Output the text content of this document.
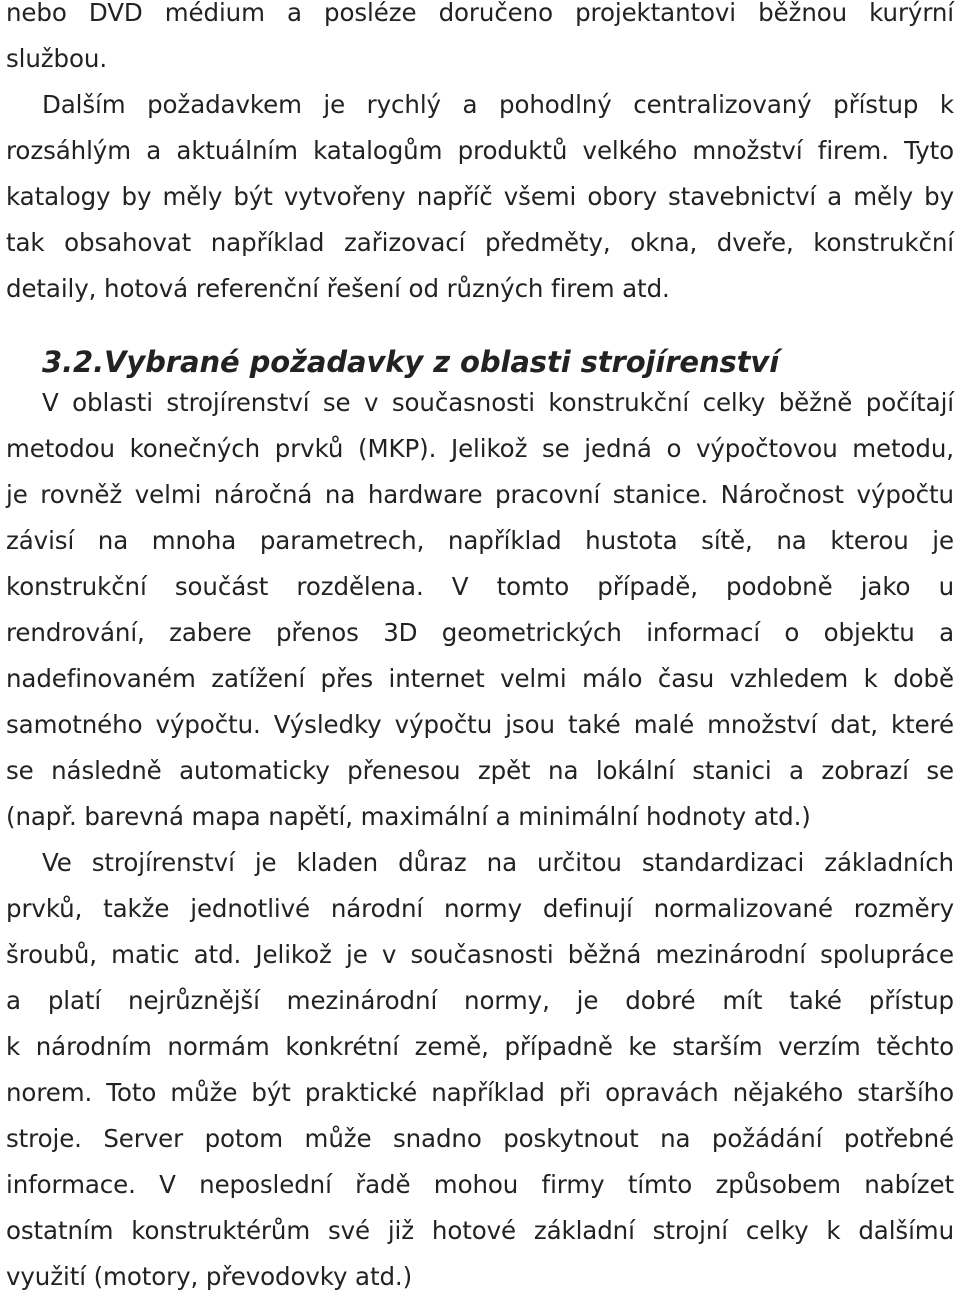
nebo DVD médium a posléze doručeno projektantovi běžnou kurýrní
službou.
Dalším požadavkem je rychlý a pohodlný centralizovaný přístup k
rozsáhlým a aktuálním katalogům produktů velkého množství firem. Tyto
katalogy by měly být vytvořeny napříč všemi obory stavebnictví a měly by
tak obsahovat například zařizovací předměty, okna, dveře, konstrukční
detaily, hotová referenční řešení od různých firem atd.
3.2.Vybrané požadavky z oblasti strojírenství
V oblasti strojírenství se v současnosti konstrukční celky běžně počítají
metodou konečných prvků (MKP). Jelikož se jedná o výpočtovou metodu,
je rovněž velmi náročná na hardware pracovní stanice. Náročnost výpočtu
závisí na mnoha parametrech, například hustota sítě, na kterou je
konstrukční součást rozdělena. V tomto případě, podobně jako u
rendrování, zabere přenos 3D geometrických informací o objektu a
nadefinovaném zatížení přes internet velmi málo času vzhledem k době
samotného výpočtu. Výsledky výpočtu jsou také malé množství dat, které
se následně automaticky přenesou zpět na lokální stanici a zobrazí se
(např. barevná mapa napětí, maximální a minimální hodnoty atd.)
Ve strojírenství je kladen důraz na určitou standardizaci základních
prvků, takže jednotlivé národní normy definují normalizované rozměry
šroubů, matic atd. Jelikož je v současnosti běžná mezinárodní spolupráce
a platí nejrůznější mezinárodní normy, je dobré mít také přístup
k národním normám konkrétní země, případně ke starším verzím těchto
norem. Toto může být praktické například při opravách nějakého staršího
stroje. Server potom může snadno poskytnout na požádání potřebné
informace. V neposlední řadě mohou firmy tímto způsobem nabízet
ostatním konstruktérům své již hotové základní strojní celky k dalšímu
využití (motory, převodovky atd.)
